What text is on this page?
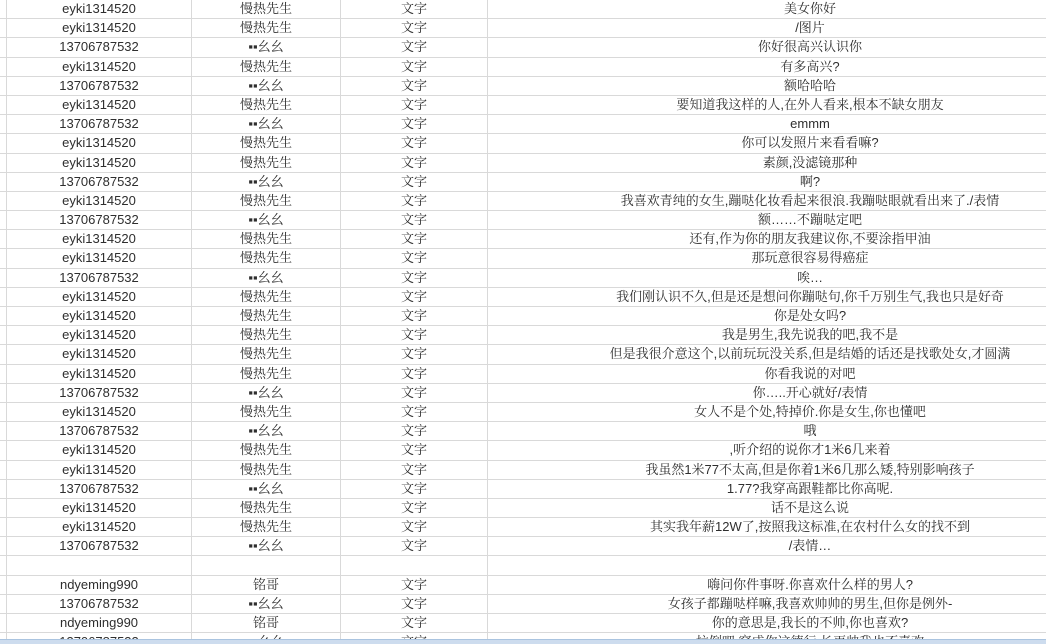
eyki1314520	慢热先生	文字	美女你好
eyki1314520	慢热先生	文字	/图片
13706787532	▪▪幺幺	文字	你好很高兴认识你
eyki1314520	慢热先生	文字	有多高兴?
13706787532	▪▪幺幺	文字	额哈哈哈
eyki1314520	慢热先生	文字	要知道我这样的人,在外人看来,根本不缺女朋友
13706787532	▪▪幺幺	文字	emmm
eyki1314520	慢热先生	文字	你可以发照片来看看嘛?
eyki1314520	慢热先生	文字	素颜,没滤镜那种
13706787532	▪▪幺幺	文字	啊?
eyki1314520	慢热先生	文字	我喜欢青纯的女生,蹦哒化妆看起来很浪.我蹦哒眼就看出来了./表情
13706787532	▪▪幺幺	文字	额……不蹦哒定吧
eyki1314520	慢热先生	文字	还有,作为你的朋友我建议你,不要涂指甲油
eyki1314520	慢热先生	文字	那玩意很容易得癌症
13706787532	▪▪幺幺	文字	唉…
eyki1314520	慢热先生	文字	我们刚认识不久,但是还是想问你蹦哒句,你千万别生气,我也只是好奇
eyki1314520	慢热先生	文字	你是处女吗?
eyki1314520	慢热先生	文字	我是男生,我先说我的吧,我不是
eyki1314520	慢热先生	文字	但是我很介意这个,以前玩玩没关系,但是结婚的话还是找歌处女,才圆满
eyki1314520	慢热先生	文字	你看我说的对吧
13706787532	▪▪幺幺	文字	你…..开心就好/表情
eyki1314520	慢热先生	文字	女人不是个处,特掉价.你是女生,你也懂吧
13706787532	▪▪幺幺	文字	哦
eyki1314520	慢热先生	文字	,听介绍的说你才1米6几来着
eyki1314520	慢热先生	文字	我虽然1米77不太高,但是你着1米6几那么矮,特别影响孩子
13706787532	▪▪幺幺	文字	1.77?我穿高跟鞋都比你高呢.
eyki1314520	慢热先生	文字	话不是这么说
eyki1314520	慢热先生	文字	其实我年薪12W了,按照我这标准,在农村什么女的找不到
13706787532	▪▪幺幺	文字	/表情…
ndyeming990	铭哥	文字	嗨问你件事呀.你喜欢什么样的男人?
13706787532	▪▪幺幺	文字	女孩子都蹦哒样嘛,我喜欢帅帅的男生,但你是例外-
ndyeming990	铭哥	文字	你的意思是,我长的不帅,你也喜欢?
